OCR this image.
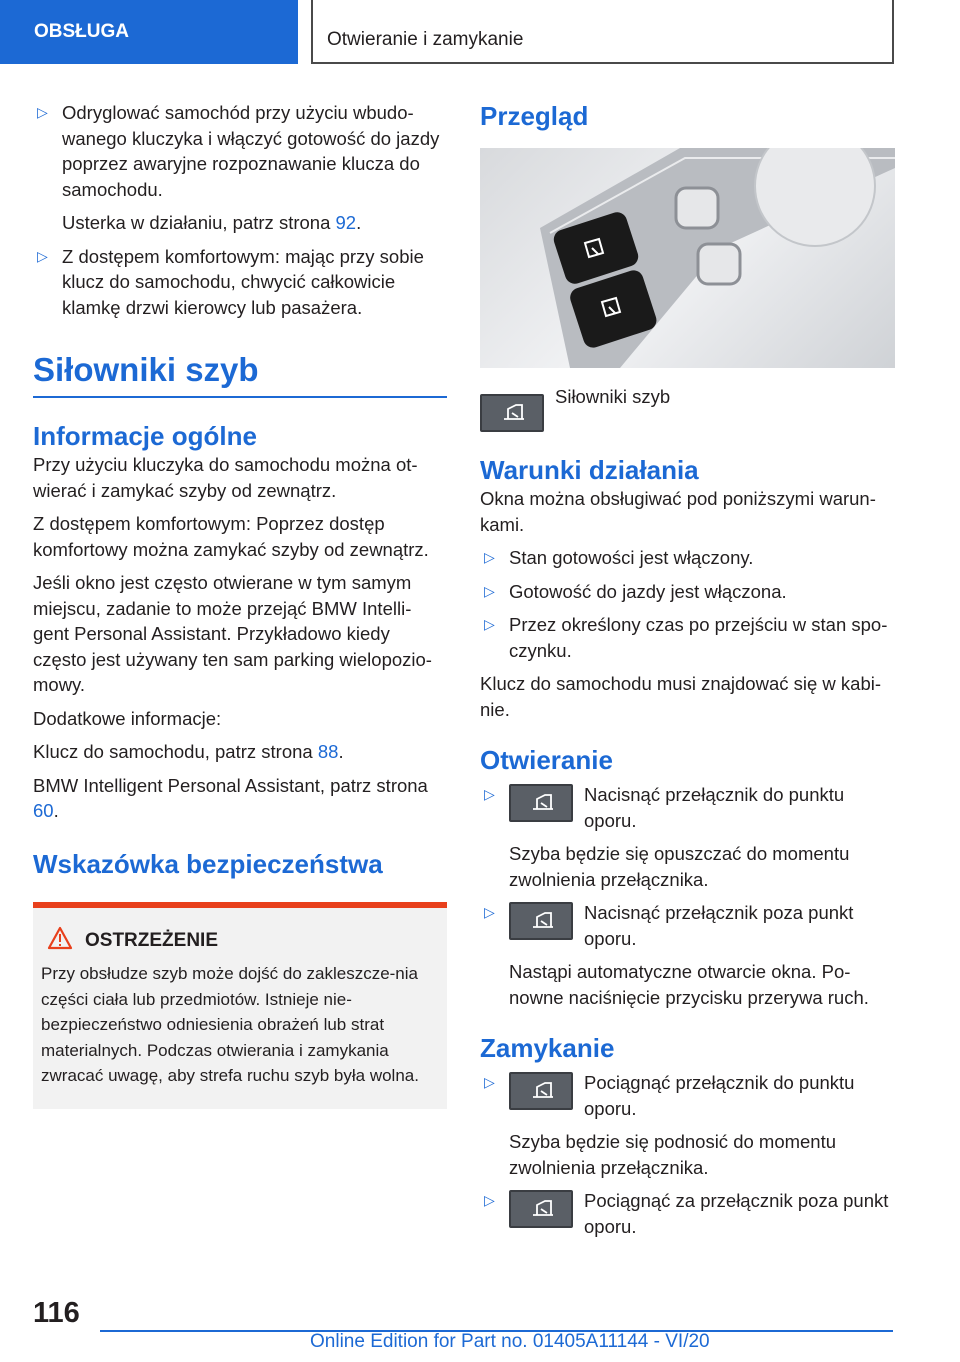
OBSŁUGA	Otwieranie i zamykanie
▷ Odryglować samochód przy użyciu wbudo-wanego kluczyka i włączyć gotowość do jazdy poprzez awaryjne rozpoznawanie klucza do samochodu.
Usterka w działaniu, patrz strona 92.
▷ Z dostępem komfortowym: mając przy sobie klucz do samochodu, chwycić całkowicie klamkę drzwi kierowcy lub pasażera.
Siłowniki szyb
Informacje ogólne

Przy użyciu kluczyka do samochodu można ot-wierać i zamykać szyby od zewnątrz.

Z dostępem komfortowym: Poprzez dostęp komfortowy można zamykać szyby od zewnątrz.

Jeśli okno jest często otwierane w tym samym miejscu, zadanie to może przejąć BMW Intelli-gent Personal Assistant. Przykładowo kiedy często jest używany ten sam parking wielopozio-mowy.

Dodatkowe informacje:

Klucz do samochodu, patrz strona 88.

BMW Intelligent Personal Assistant, patrz strona 60.

Wskazówka bezpieczeństwa
OSTRZEŻENIE
Przy obsłudze szyb może dojść do zakleszcze-nia części ciała lub przedmiotów. Istnieje nie-bezpieczeństwo odniesienia obrażeń lub strat materialnych. Podczas otwierania i zamykania zwracać uwagę, aby strefa ruchu szyb była wolna.
Przegląd
Siłowniki szyb
Warunki działania

Okna można obsługiwać pod poniższymi warun-kami.

▷ Stan gotowości jest włączony.
▷ Gotowość do jazdy jest włączona.
▷ Przez określony czas po przejściu w stan spo-czynku.

Klucz do samochodu musi znajdować się w kabi-nie.

Otwieranie
▷	Nacisnąć przełącznik do punktu oporu.
Szyba będzie się opuszczać do momentu zwolnienia przełącznika.
▷	Nacisnąć przełącznik poza punkt oporu.
Nastąpi automatyczne otwarcie okna. Po-nowne naciśnięcie przycisku przerywa ruch.
Zamykanie
▷	Pociągnąć przełącznik do punktu oporu.
Szyba będzie się podnosić do momentu zwolnienia przełącznika.
▷	Pociągnąć za przełącznik poza punkt oporu.
116
Online Edition for Part no. 01405A11144 - VI/20
